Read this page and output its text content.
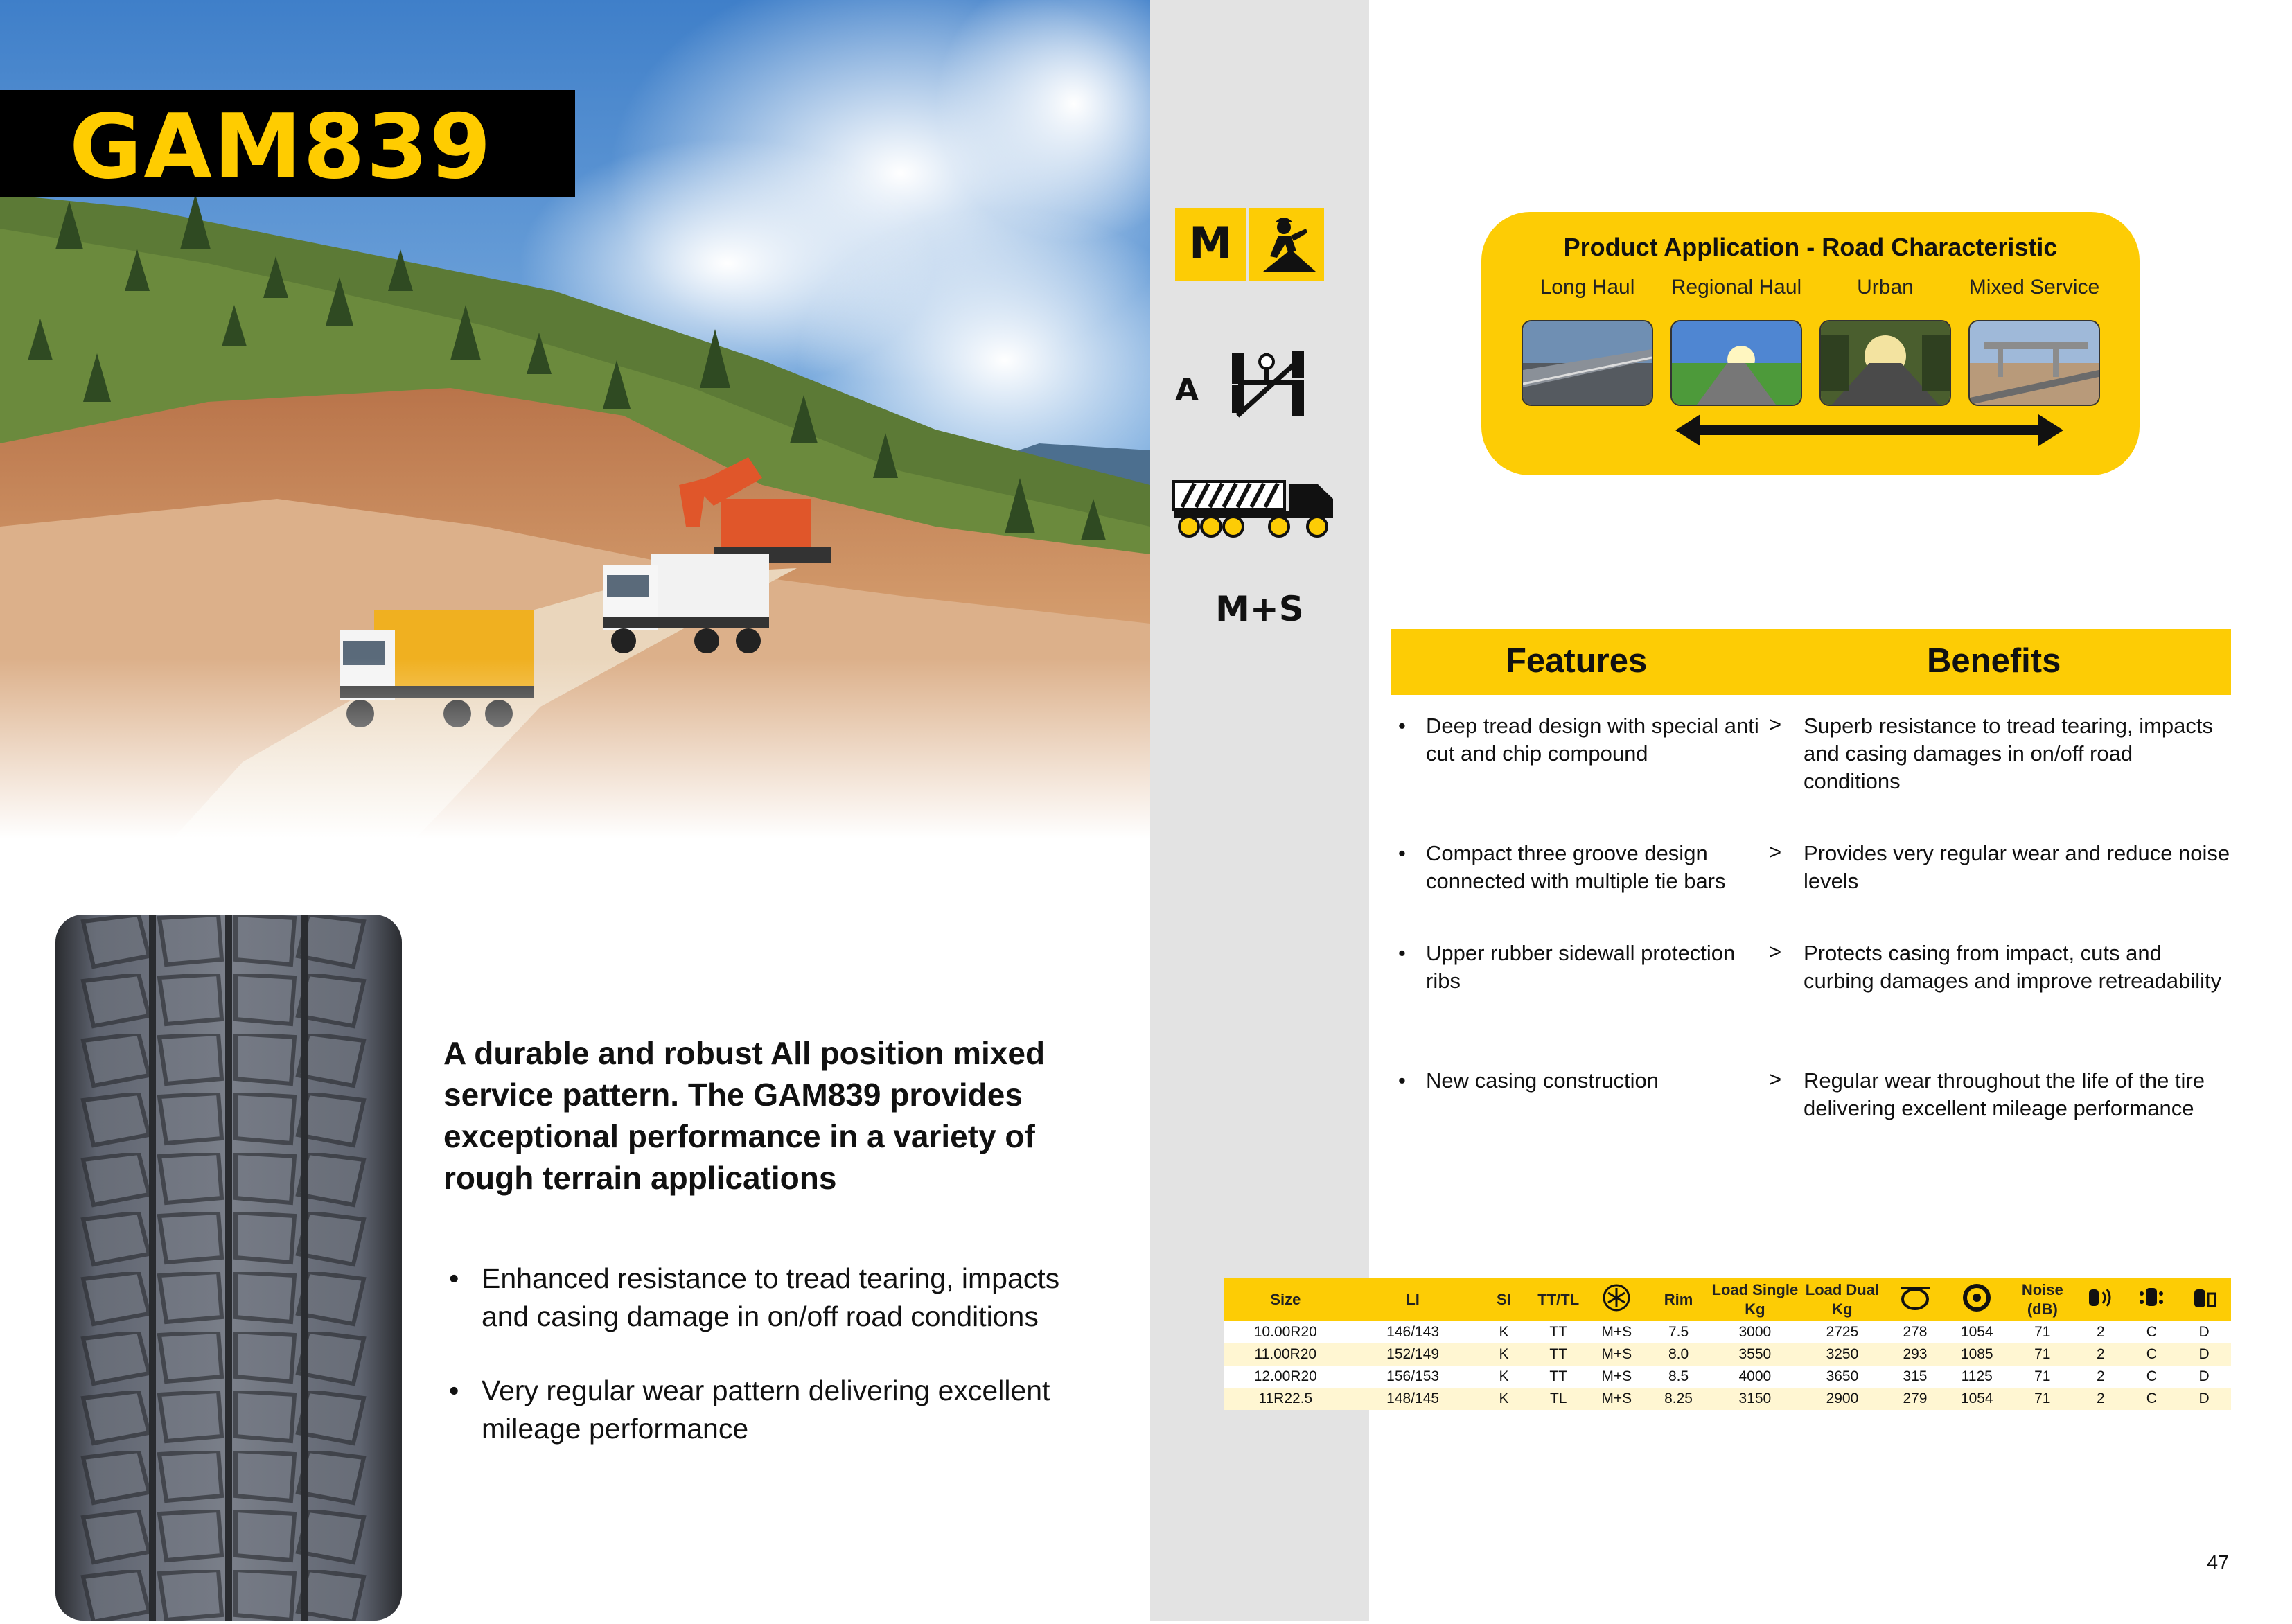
GAM839
A durable and robust All position mixed service pattern. The GAM839 provides exceptional performance in a variety of rough terrain applications
• Enhanced resistance to tread tearing, impacts and casing damage in on/off road conditions
• Very regular wear pattern delivering excellent mileage performance
M
A
M+S
Product Application - Road Characteristic
Long Haul	Regional Haul	Urban	Mixed Service
Features	Benefits
• Deep tread design with special anti cut and chip compound
> Superb resistance to tread tearing, impacts and casing damages in on/off road conditions
• Compact three groove design connected with multiple tie bars
> Provides very regular wear and reduce noise levels
• Upper rubber sidewall protection ribs
> Protects casing from impact, cuts and curbing damages and improve retreadability
• New casing construction	> Regular wear throughout the life of the tire delivering excellent mileage performance
Size	LI	SI	TT/TL		Rim	Load Single Kg	Load Dual Kg			Noise (dB)			
10.00R20	146/143	K	TT	M+S	7.5	3000	2725	278	1054	71	2	C	D
11.00R20	152/149	K	TT	M+S	8.0	3550	3250	293	1085	71	2	C	D
12.00R20	156/153	K	TT	M+S	8.5	4000	3650	315	1125	71	2	C	D
11R22.5	148/145	K	TL	M+S	8.25	3150	2900	279	1054	71	2	C	D
47
